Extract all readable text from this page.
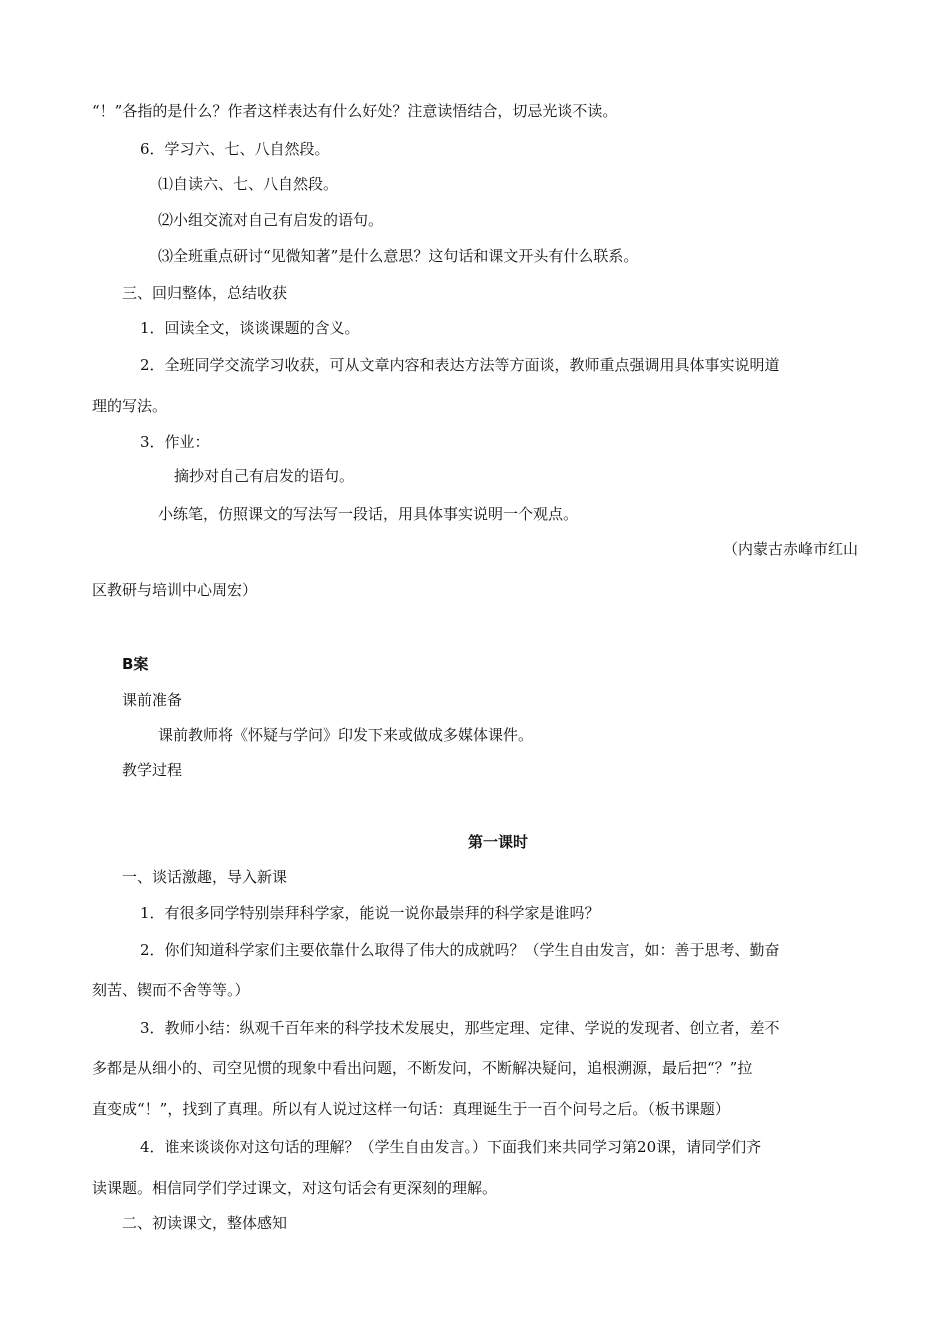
“！”各指的是什么？作者这样表达有什么好处？注意读悟结合，切忌光谈不读。
6．学习六、七、八自然段。
⑴自读六、七、八自然段。
⑵小组交流对自己有启发的语句。
⑶全班重点研讨“见微知著”是什么意思？这句话和课文开头有什么联系。
三、回归整体，总结收获
1．回读全文，谈谈课题的含义。
2．全班同学交流学习收获，可从文章内容和表达方法等方面谈，教师重点强调用具体事实说明道
理的写法。
3．作业：
摘抄对自己有启发的语句。
小练笔，仿照课文的写法写一段话，用具体事实说明一个观点。
（内蒙古赤峰市红山
区教研与培训中心周宏）
B案
课前准备
课前教师将《怀疑与学问》印发下来或做成多媒体课件。
教学过程
第一课时
一、谈话激趣，导入新课
1．有很多同学特别崇拜科学家，能说一说你最崇拜的科学家是谁吗？
2．你们知道科学家们主要依靠什么取得了伟大的成就吗？（学生自由发言，如：善于思考、勤奋
刻苦、锲而不舍等等。）
3．教师小结：纵观千百年来的科学技术发展史，那些定理、定律、学说的发现者、创立者，差不
多都是从细小的、司空见惯的现象中看出问题，不断发问，不断解决疑问，追根溯源，最后把“？”拉
直变成“！”，找到了真理。所以有人说过这样一句话：真理诞生于一百个问号之后。（板书课题）
4．谁来谈谈你对这句话的理解？（学生自由发言。）下面我们来共同学习第20课，请同学们齐
读课题。相信同学们学过课文，对这句话会有更深刻的理解。
二、初读课文，整体感知
